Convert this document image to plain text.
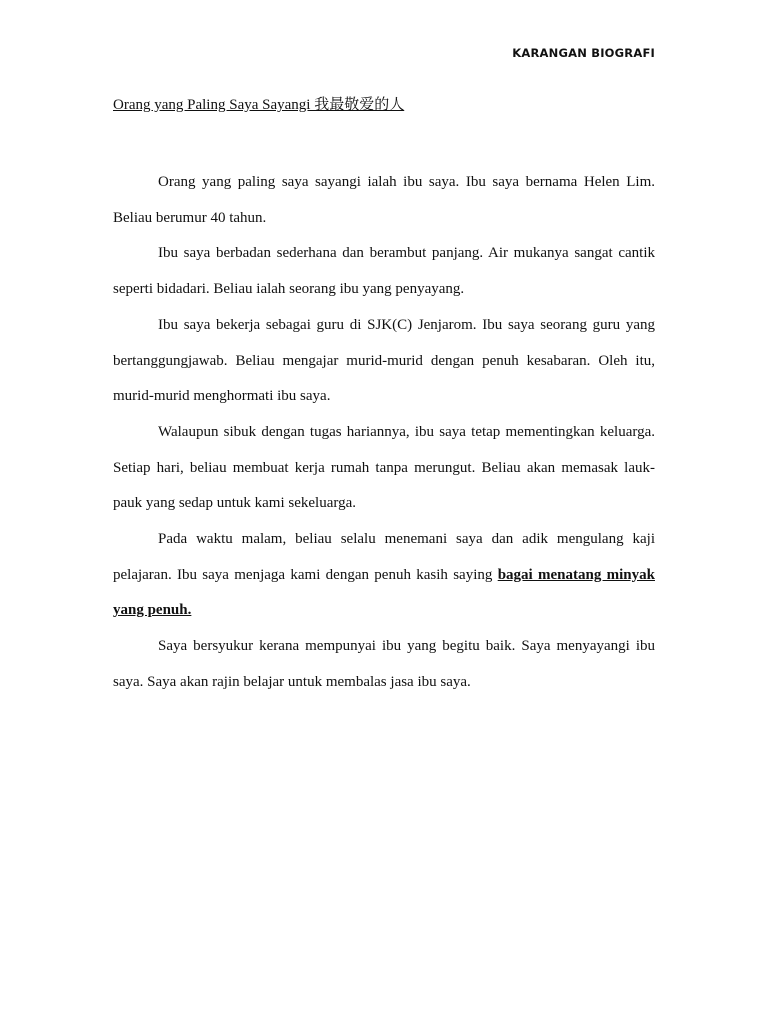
KARANGAN BIOGRAFI
Orang yang Paling Saya Sayangi 我最敬爱的人

Orang yang paling saya sayangi ialah ibu saya. Ibu saya bernama Helen Lim. Beliau berumur 40 tahun.

Ibu saya berbadan sederhana dan berambut panjang. Air mukanya sangat cantik seperti bidadari. Beliau ialah seorang ibu yang penyayang.

Ibu saya bekerja sebagai guru di SJK(C) Jenjarom. Ibu saya seorang guru yang bertanggungjawab. Beliau mengajar murid-murid dengan penuh kesabaran. Oleh itu, murid-murid menghormati ibu saya.

Walaupun sibuk dengan tugas hariannya, ibu saya tetap mementingkan keluarga. Setiap hari, beliau membuat kerja rumah tanpa merungut. Beliau akan memasak lauk-pauk yang sedap untuk kami sekeluarga.

Pada waktu malam, beliau selalu menemani saya dan adik mengulang kaji pelajaran. Ibu saya menjaga kami dengan penuh kasih saying bagai menatang minyak yang penuh.

Saya bersyukur kerana mempunyai ibu yang begitu baik. Saya menyayangi ibu saya. Saya akan rajin belajar untuk membalas jasa ibu saya.
